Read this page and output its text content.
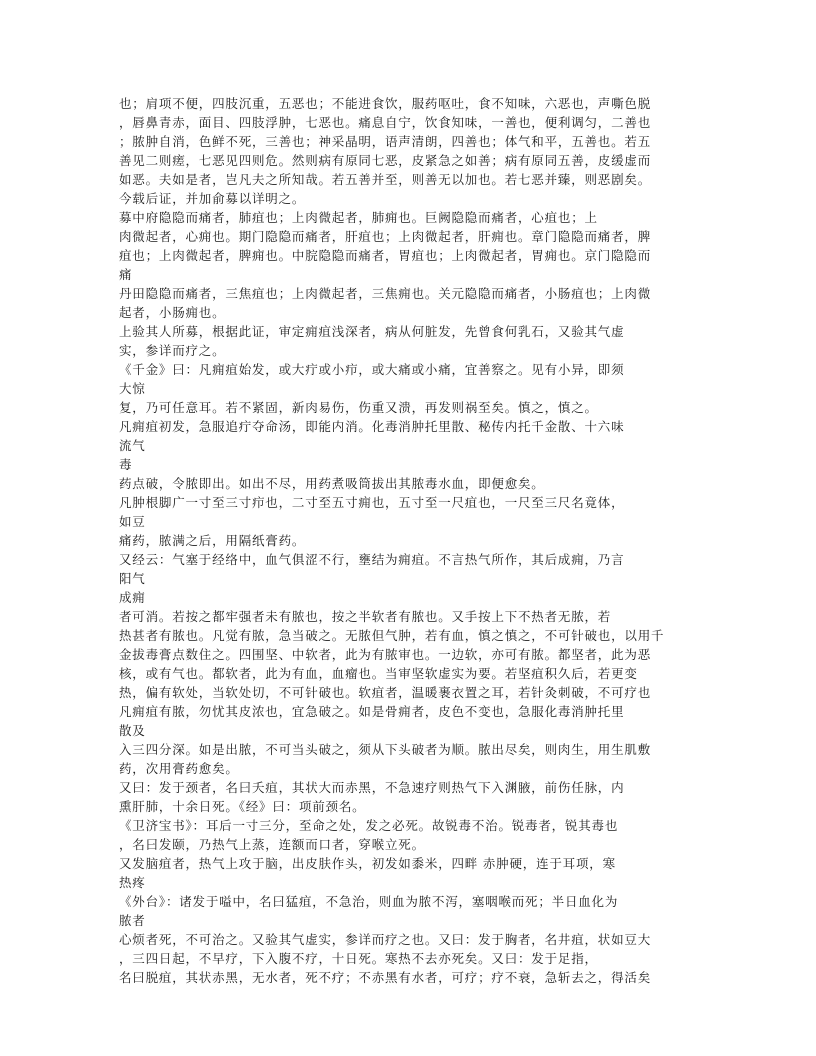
也；肩项不便，四肢沉重，五恶也；不能进食饮，服药呕吐，食不知味，六恶也，声嘶色脱
，唇鼻青赤，面目、四肢浮肿，七恶也。痛息自宁，饮食知味，一善也，便利调匀，二善也
；脓肿自消，色鲜不死，三善也；神采晶明，语声清朗，四善也；体气和平，五善也。若五
善见二则瘥，七恶见四则危。然则病有原同七恶，皮紧急之如善；病有原同五善，皮缓虚而
如恶。夫如是者，岂凡夫之所知哉。若五善并至，则善无以加也。若七恶并臻，则恶剧矣。
今载后证，并加俞募以详明之。
募中府隐隐而痛者，肺疽也；上肉微起者，肺痈也。巨阙隐隐而痛者，心疽也；上
肉微起者，心痈也。期门隐隐而痛者，肝疽也；上肉微起者，肝痈也。章门隐隐而痛者，脾
疽也；上肉微起者，脾痈也。中脘隐隐而痛者，胃疽也；上肉微起者，胃痈也。京门隐隐而
痛
丹田隐隐而痛者，三焦疽也；上肉微起者，三焦痈也。关元隐隐而痛者，小肠疽也；上肉微
起者，小肠痈也。
上验其人所募，根据此证，审定痈疽浅深者，病从何脏发，先曾食何乳石，又验其气虚
实，参详而疗之。
《千金》曰：凡痈疽始发，或大疔或小疖，或大痛或小痛，宜善察之。见有小异，即须
大惊
复，乃可任意耳。若不紧固，新肉易伤，伤重又溃，再发则祸至矣。慎之，慎之。
凡痈疽初发，急服追疔夺命汤，即能内消。化毒消肿托里散、秘传内托千金散、十六味
流气
毒
药点破，令脓即出。如出不尽，用药煮吸筒拔出其脓毒水血，即便愈矣。
凡肿根脚广一寸至三寸疖也，二寸至五寸痈也，五寸至一尺疽也，一尺至三尺名竟体，
如豆
痛药，脓满之后，用隔纸膏药。
又经云：气塞于经络中，血气俱涩不行，壅结为痈疽。不言热气所作，其后成痈，乃言
阳气
成痈
者可消。若按之都牢强者未有脓也，按之半软者有脓也。又手按上下不热者无脓，若
热甚者有脓也。凡觉有脓，急当破之。无脓但气肿，若有血，慎之慎之，不可针破也，以用千
金拔毒膏点数住之。四围坚、中软者，此为有脓审也。一边软，亦可有脓。都坚者，此为恶
核，或有气也。都软者，此为有血，血瘤也。当审坚软虚实为要。若坚疽积久后，若更变
热，偏有软处，当软处切，不可针破也。软疽者，温暖裹衣置之耳，若针灸刺破，不可疗也
凡痈疽有脓，勿忧其皮浓也，宜急破之。如是骨痈者，皮色不变也，急服化毒消肿托里
散及
入三四分深。如是出脓，不可当头破之，须从下头破者为顺。脓出尽矣，则肉生，用生肌敷
药，次用膏药愈矣。
又曰：发于颈者，名曰夭疽，其状大而赤黑，不急速疗则热气下入渊腋，前伤任脉，内
熏肝肺，十余日死。《经》曰：项前颈名。
《卫济宝书》：耳后一寸三分，至命之处，发之必死。故锐毒不治。锐毒者，锐其毒也
，名曰发颐，乃热气上蒸，连额而口者，穿喉立死。
又发脑疽者，热气上攻于脑，出皮肤作头，初发如黍米，四畔 赤肿硬，连于耳项，寒
热疼
《外台》：诸发于嗌中，名曰猛疽，不急治，则血为脓不泻，塞咽喉而死；半日血化为
脓者
心烦者死，不可治之。又验其气虚实，参详而疗之也。又曰：发于胸者，名井疽，状如豆大
，三四日起，不早疗，下入腹不疗，十日死。寒热不去亦死矣。又曰：发于足指，
名曰脱疽，其状赤黑，无水者，死不疗；不赤黑有水者，可疗；疗不衰，急斩去之，得活矣
